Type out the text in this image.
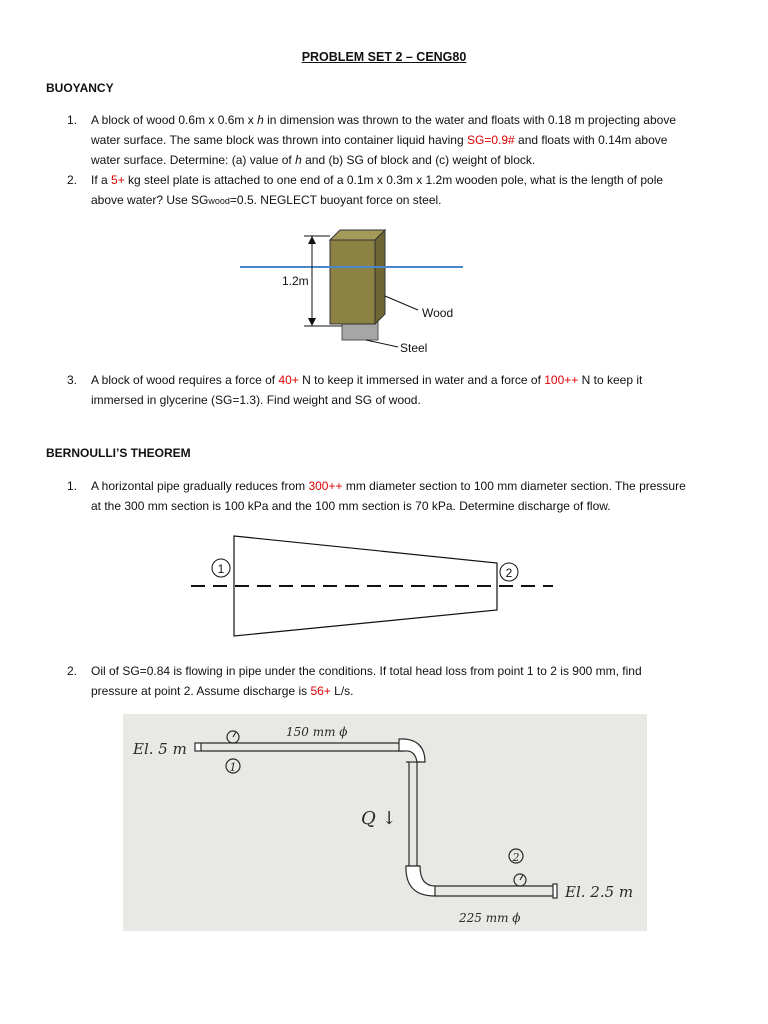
PROBLEM SET 2 – CENG80
BUOYANCY
1. A block of wood 0.6m x 0.6m x h in dimension was thrown to the water and floats with 0.18 m projecting above
water surface. The same block was thrown into container liquid having SG=0.9# and floats with 0.14m above
water surface. Determine: (a) value of h and (b) SG of block and (c) weight of block.
2. If a 5+ kg steel plate is attached to one end of a 0.1m x 0.3m x 1.2m wooden pole, what is the length of pole
above water? Use SGwood=0.5. NEGLECT buoyant force on steel.
1.2m
Wood
Steel
3. A block of wood requires a force of 40+ N to keep it immersed in water and a force of 100++ N to keep it
immersed in glycerine (SG=1.3). Find weight and SG of wood.
BERNOULLI’S THEOREM
1. A horizontal pipe gradually reduces from 300++ mm diameter section to 100 mm diameter section. The pressure
at the 300 mm section is 100 kPa and the 100 mm section is 70 kPa. Determine discharge of flow.
1	2
2. Oil of SG=0.84 is flowing in pipe under the conditions. If total head loss from point 1 to 2 is 900 mm, find
pressure at point 2. Assume discharge is 56+ L/s.
1
2
El. 5 m
150 mm ϕ
Q ↓
El. 2.5 m
225 mm ϕ
